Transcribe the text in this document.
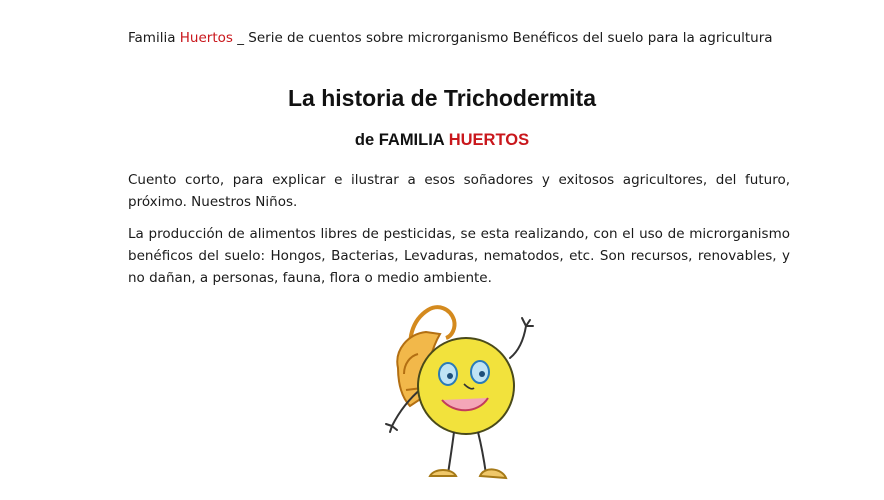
Familia Huertos _ Serie de cuentos sobre microrganismo Benéficos del suelo para la agricultura
La historia de Trichodermita
de FAMILIA HUERTOS
Cuento corto, para explicar e ilustrar a esos soñadores y exitosos agricultores, del futuro, próximo. Nuestros Niños.
La producción de alimentos libres de pesticidas, se esta realizando, con el uso de microrganismo benéficos del suelo: Hongos, Bacterias, Levaduras, nematodos, etc. Son recursos, renovables, y no dañan, a personas, fauna, flora o medio ambiente.
